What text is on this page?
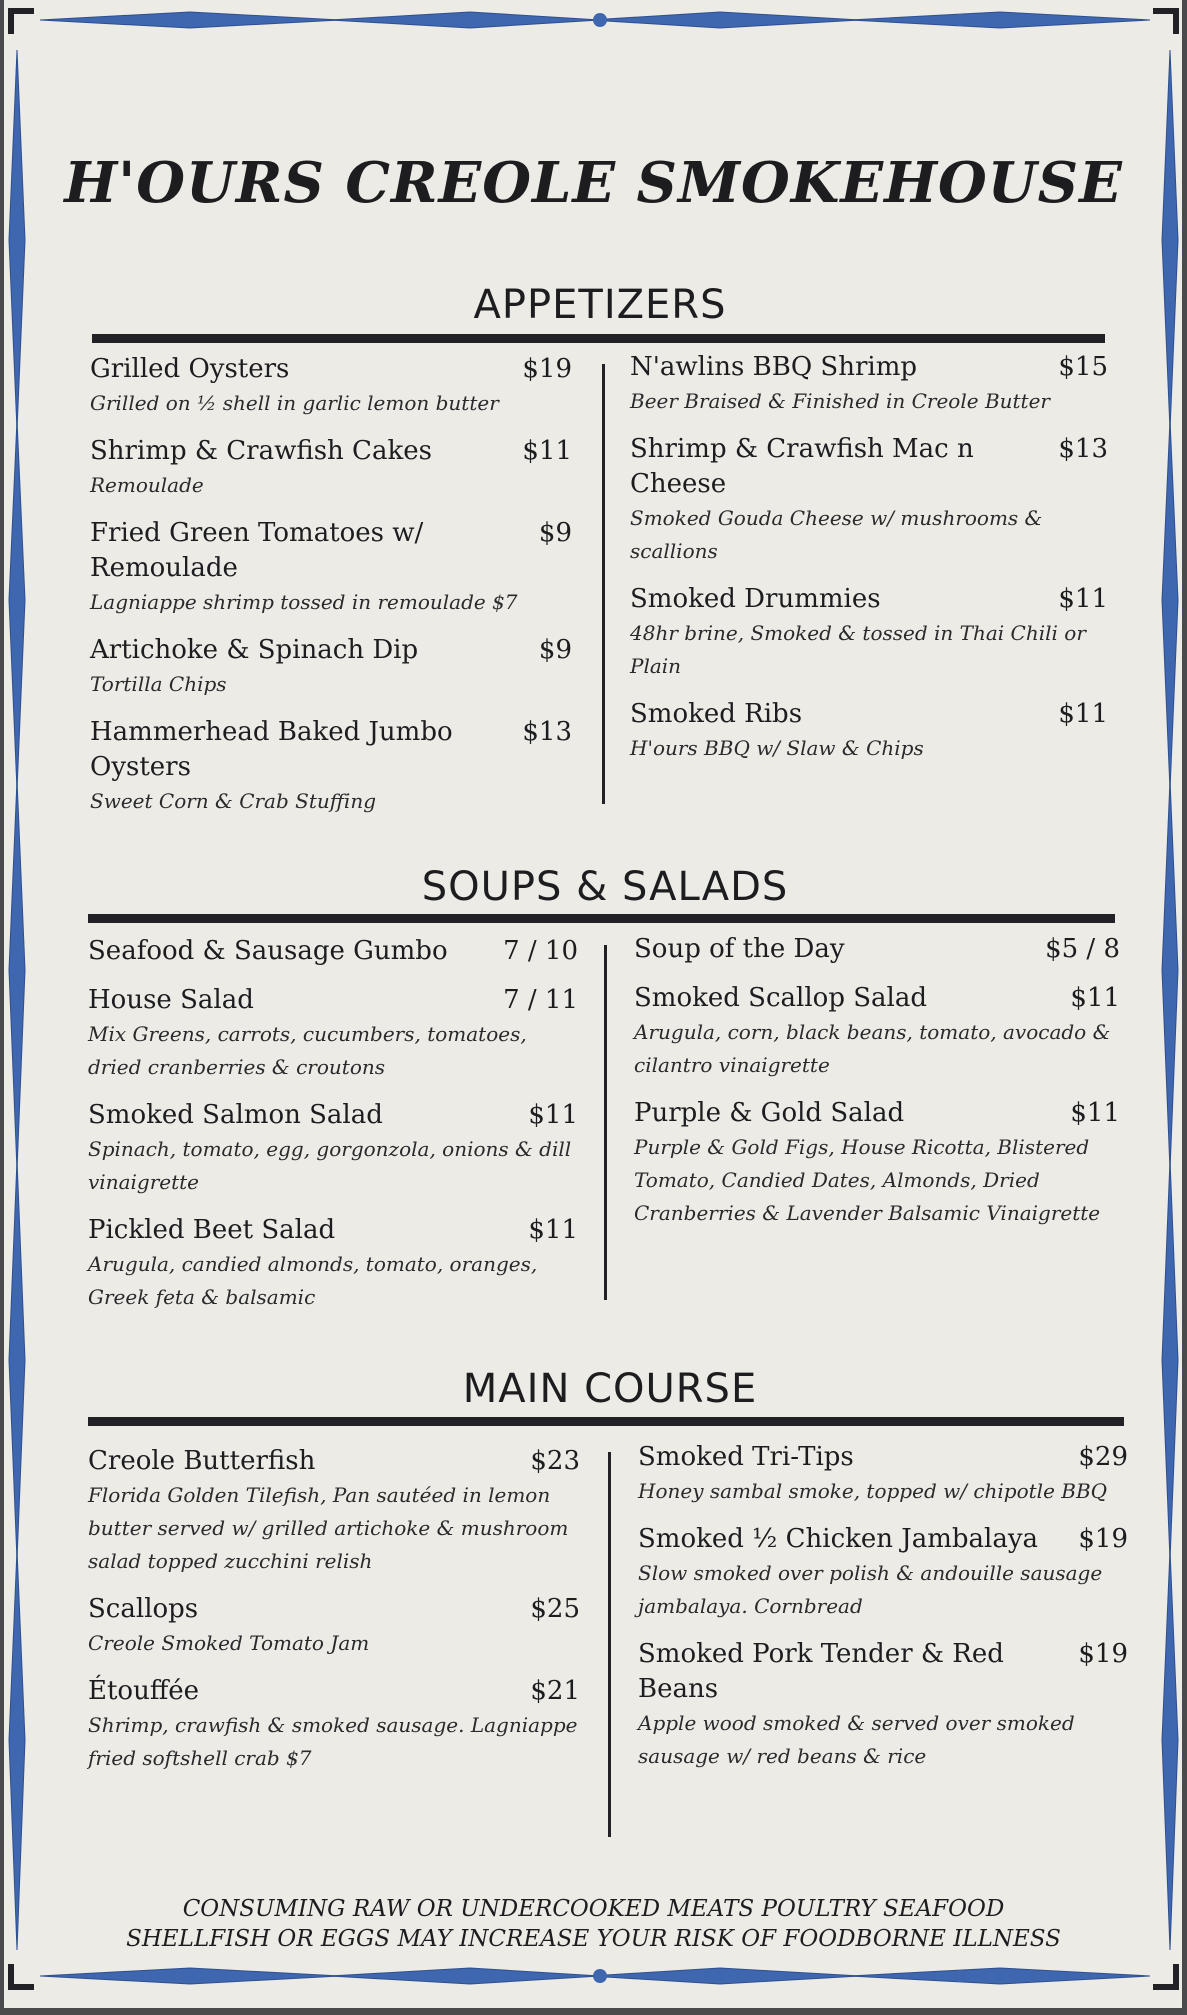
H'OURS CREOLE SMOKEHOUSE
APPETIZERS
Grilled Oysters	$19
Grilled on ½ shell in garlic lemon butter
Shrimp & Crawfish Cakes	$11
Remoulade
Fried Green Tomatoes w/ Remoulade
$9
Lagniappe shrimp tossed in remoulade $7
Artichoke & Spinach Dip	$9
Tortilla Chips
Hammerhead Baked Jumbo Oysters
$13
Sweet Corn & Crab Stuffing
N'awlins BBQ Shrimp	$15
Beer Braised & Finished in Creole Butter
Shrimp & Crawfish Mac n Cheese
$13
Smoked Gouda Cheese w/ mushrooms & scallions
Smoked Drummies	$11
48hr brine, Smoked & tossed in Thai Chili or Plain
Smoked Ribs	$11
H'ours BBQ w/ Slaw & Chips
SOUPS & SALADS
Seafood & Sausage Gumbo 7 / 10
House Salad	7 / 11
Mix Greens, carrots, cucumbers, tomatoes, dried cranberries & croutons
Smoked Salmon Salad	$11
Spinach, tomato, egg, gorgonzola, onions & dill vinaigrette
Pickled Beet Salad	$11
Arugula, candied almonds, tomato, oranges, Greek feta & balsamic
Soup of the Day	$5 / 8
Smoked Scallop Salad	$11
Arugula, corn, black beans, tomato, avocado & cilantro vinaigrette
Purple & Gold Salad	$11
Purple & Gold Figs, House Ricotta, Blistered Tomato, Candied Dates, Almonds, Dried Cranberries & Lavender Balsamic Vinaigrette
MAIN COURSE
Creole Butterfish	$23
Florida Golden Tilefish, Pan sautéed in lemon butter served w/ grilled artichoke & mushroom salad topped zucchini relish
Scallops	$25
Creole Smoked Tomato Jam
Étouffée	$21
Shrimp, crawfish & smoked sausage. Lagniappe fried softshell crab $7
Smoked Tri-Tips	$29
Honey sambal smoke, topped w/ chipotle BBQ
Smoked ½ Chicken Jambalaya $19
Slow smoked over polish & andouille sausage jambalaya. Cornbread
Smoked Pork Tender & Red Beans
$19
Apple wood smoked & served over smoked sausage w/ red beans & rice
CONSUMING RAW OR UNDERCOOKED MEATS POULTRY SEAFOOD
SHELLFISH OR EGGS MAY INCREASE YOUR RISK OF FOODBORNE ILLNESS
